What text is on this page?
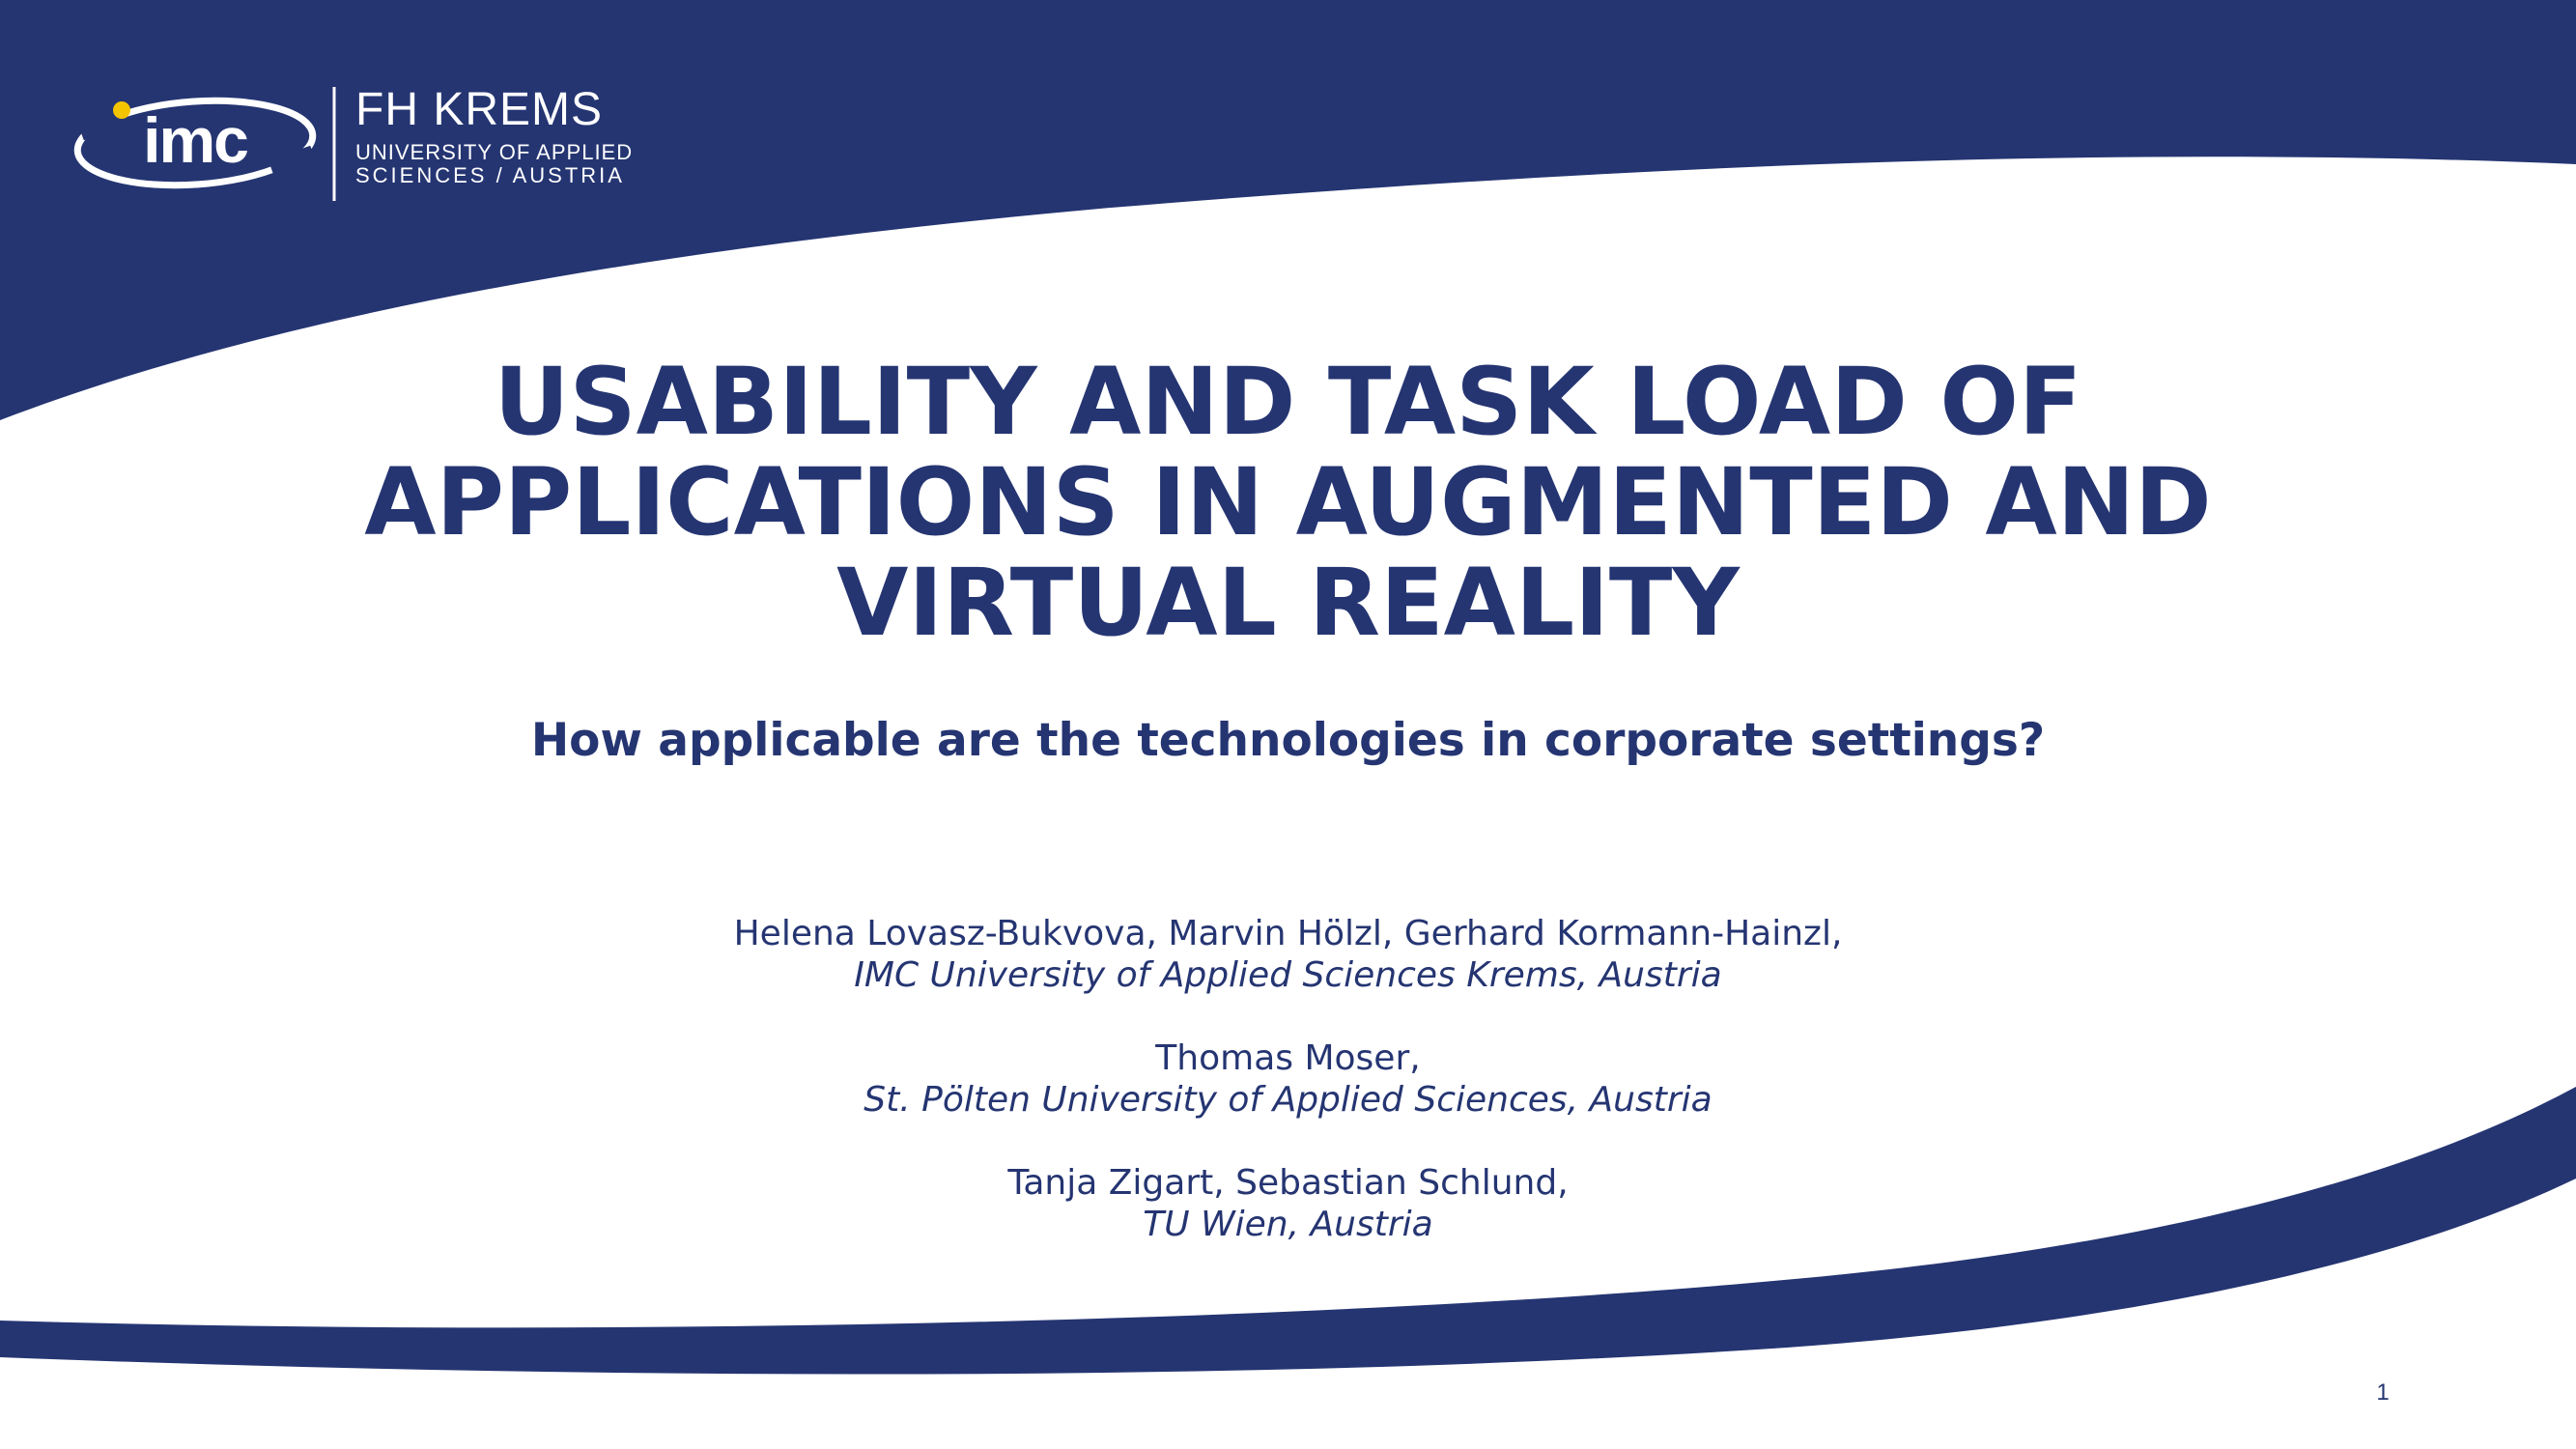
imc FH KREMS
UNIVERSITY OF APPLIED
SCIENCES / AUSTRIA
USABILITY AND TASK LOAD OF
APPLICATIONS IN AUGMENTED AND
VIRTUAL REALITY
How applicable are the technologies in corporate settings?
Helena Lovasz-Bukvova, Marvin Hölzl, Gerhard Kormann-Hainzl,
IMC University of Applied Sciences Krems, Austria
Thomas Moser,
St. Pölten University of Applied Sciences, Austria
Tanja Zigart, Sebastian Schlund,
TU Wien, Austria
1
